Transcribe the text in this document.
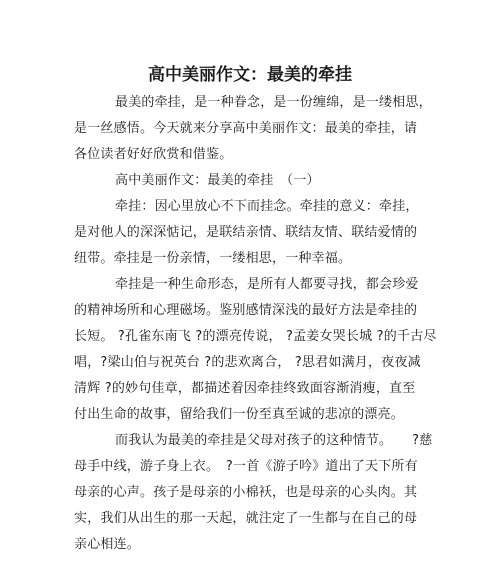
高中美丽作文：最美的牵挂
最美的牵挂，是一种眷念，是一份缠绵，是一缕相思，
是一丝感悟。今天就来分享高中美丽作文：最美的牵挂，请
各位读者好好欣赏和借鉴。
高中美丽作文：最美的牵挂　（一）
牵挂：因心里放心不下而挂念。牵挂的意义：牵挂，
是对他人的深深惦记，是联结亲情、联结友情、联结爱情的
纽带。牵挂是一份亲情，一缕相思，一种幸福。
牵挂是一种生命形态，是所有人都要寻找，都会珍爱
的精神场所和心理磁场。鉴别感情深浅的最好方法是牵挂的
长短。 ?孔雀东南飞 ?的漂亮传说， ?孟姜女哭长城 ?的千古尽
唱，?梁山伯与祝英台 ?的悲欢离合， ?思君如满月，夜夜减
清辉 ?的妙句佳章，都描述着因牵挂终致面容渐消瘦，直至
付出生命的故事，留给我们一份至真至诚的悲凉的漂亮。
而我认为最美的牵挂是父母对孩子的这种情节。　　?慈
母手中线，游子身上衣。　?一首《游子吟》道出了天下所有
母亲的心声。孩子是母亲的小棉袄，也是母亲的心头肉。其
实，我们从出生的那一天起，就注定了一生都与在自己的母
亲心相连。
